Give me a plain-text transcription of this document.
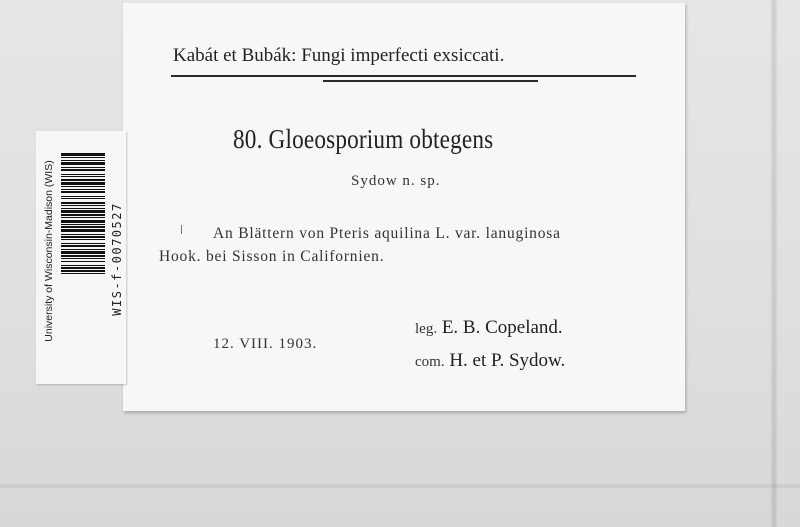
Kabát et Bubák: Fungi imperfecti exsiccati.
80. Gloeosporium obtegens
Sydow n. sp.
An Blättern von Pteris aquilina L. var. lanuginosa
Hook. bei Sisson in Californien.
12. VIII. 1903.
leg. E. B. Copeland.
com. H. et P. Sydow.
University of Wisconsin-Madison (WIS)	WIS-f-0070527
